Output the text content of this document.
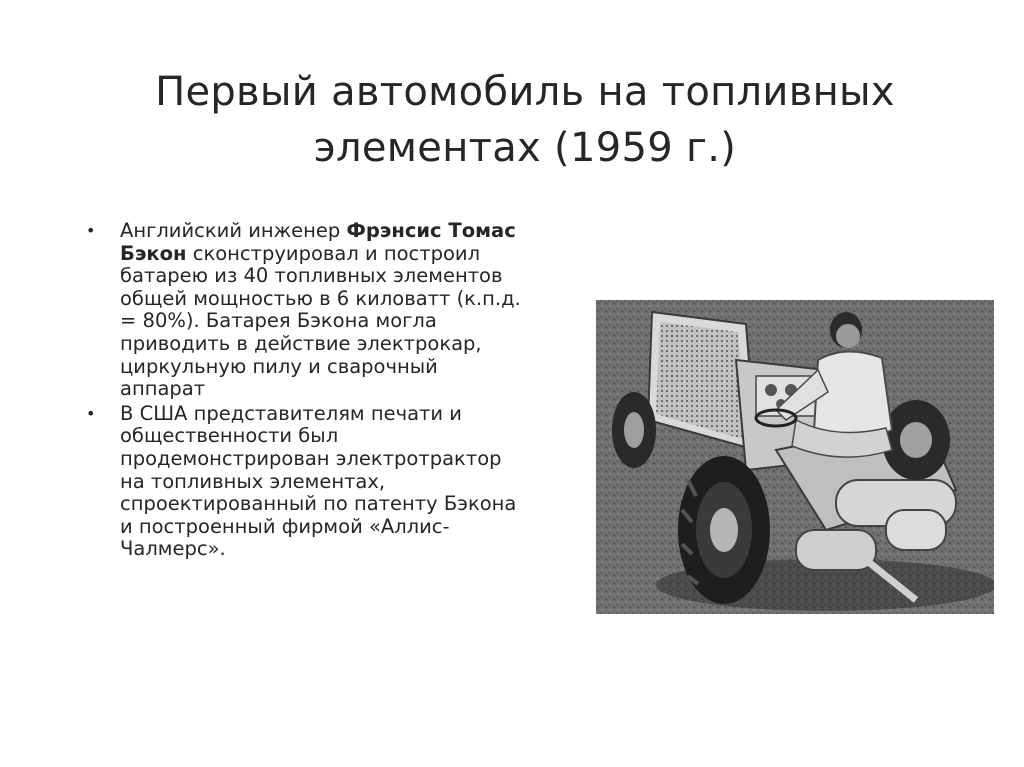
Первый автомобиль на топливных
элементах (1959 г.)
• Английский инженер Фрэнсис Томас Бэкон сконструировал и построил батарею из 40 топливных элементов общей мощностью в 6 киловатт (к.п.д. = 80%). Батарея Бэкона могла приводить в действие электрокар, циркульную пилу и сварочный аппарат
• В США представителям печати и общественности был продемонстрирован электротрактор на топливных элементах, спроектированный по патенту Бэкона и построенный фирмой «Аллис-Чалмерс».
